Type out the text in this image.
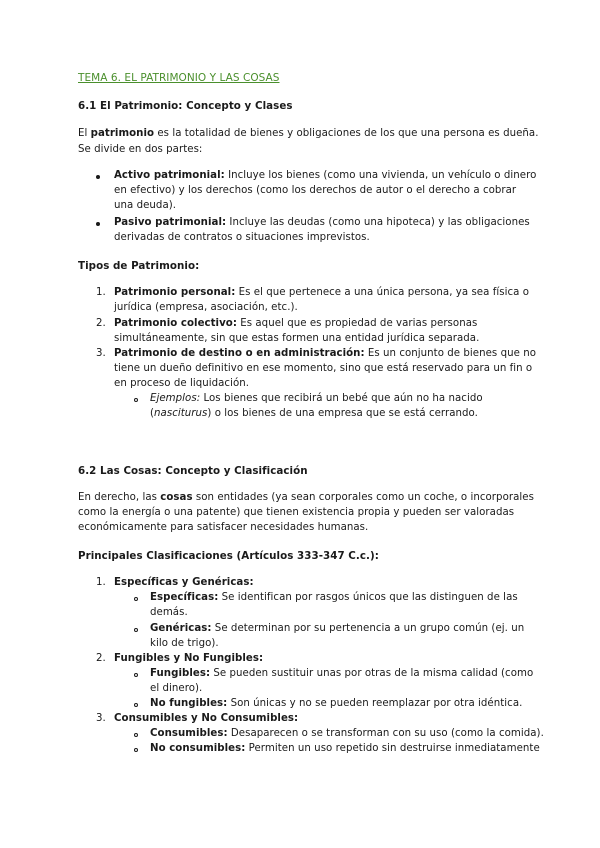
TEMA 6. EL PATRIMONIO Y LAS COSAS
6.1 El Patrimonio: Concepto y Clases
El patrimonio es la totalidad de bienes y obligaciones de los que una persona es dueña.
Se divide en dos partes:
Activo patrimonial: Incluye los bienes (como una vivienda, un vehículo o dinero
en efectivo) y los derechos (como los derechos de autor o el derecho a cobrar
una deuda).
Pasivo patrimonial: Incluye las deudas (como una hipoteca) y las obligaciones
derivadas de contratos o situaciones imprevistos.
Tipos de Patrimonio:
1. Patrimonio personal: Es el que pertenece a una única persona, ya sea física o
jurídica (empresa, asociación, etc.).
2. Patrimonio colectivo: Es aquel que es propiedad de varias personas
simultáneamente, sin que estas formen una entidad jurídica separada.
3. Patrimonio de destino o en administración: Es un conjunto de bienes que no
tiene un dueño definitivo en ese momento, sino que está reservado para un fin o
en proceso de liquidación.
Ejemplos: Los bienes que recibirá un bebé que aún no ha nacido
(nasciturus) o los bienes de una empresa que se está cerrando.
6.2 Las Cosas: Concepto y Clasificación
En derecho, las cosas son entidades (ya sean corporales como un coche, o incorporales
como la energía o una patente) que tienen existencia propia y pueden ser valoradas
económicamente para satisfacer necesidades humanas.
Principales Clasificaciones (Artículos 333-347 C.c.):
1. Específicas y Genéricas:
Específicas: Se identifican por rasgos únicos que las distinguen de las
demás.
Genéricas: Se determinan por su pertenencia a un grupo común (ej. un
kilo de trigo).
2. Fungibles y No Fungibles:
Fungibles: Se pueden sustituir unas por otras de la misma calidad (como
el dinero).
No fungibles: Son únicas y no se pueden reemplazar por otra idéntica.
3. Consumibles y No Consumibles:
Consumibles: Desaparecen o se transforman con su uso (como la comida).
No consumibles: Permiten un uso repetido sin destruirse inmediatamente
